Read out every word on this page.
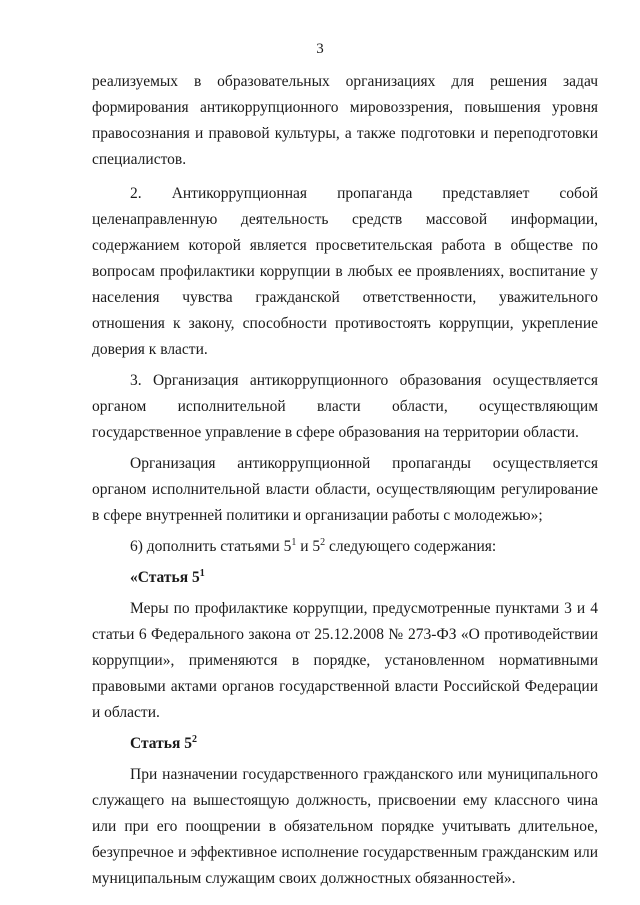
3

реализуемых в образовательных организациях для решения задач формирования антикоррупционного мировоззрения, повышения уровня правосознания и правовой культуры, а также подготовки и переподготовки специалистов.

2. Антикоррупционная пропаганда представляет собой целенаправленную деятельность средств массовой информации, содержанием которой является просветительская работа в обществе по вопросам профилактики коррупции в любых ее проявлениях, воспитание у населения чувства гражданской ответственности, уважительного отношения к закону, способности противостоять коррупции, укрепление доверия к власти.

3. Организация антикоррупционного образования осуществляется органом исполнительной власти области, осуществляющим государственное управление в сфере образования на территории области.

Организация антикоррупционной пропаганды осуществляется органом исполнительной власти области, осуществляющим регулирование в сфере внутренней политики и организации работы с молодежью»;

6) дополнить статьями $5^1$ и $5^2$ следующего содержания:

«Статья $5^1$

Меры по профилактике коррупции, предусмотренные пунктами 3 и 4 статьи 6 Федерального закона от 25.12.2008 № 273-ФЗ «О противодействии коррупции», применяются в порядке, установленном нормативными правовыми актами органов государственной власти Российской Федерации и области.

Статья $5^2$

При назначении государственного гражданского или муниципального служащего на вышестоящую должность, присвоении ему классного чина или при его поощрении в обязательном порядке учитывать длительное, безупречное и эффективное исполнение государственным гражданским или муниципальным служащим своих должностных обязанностей».
